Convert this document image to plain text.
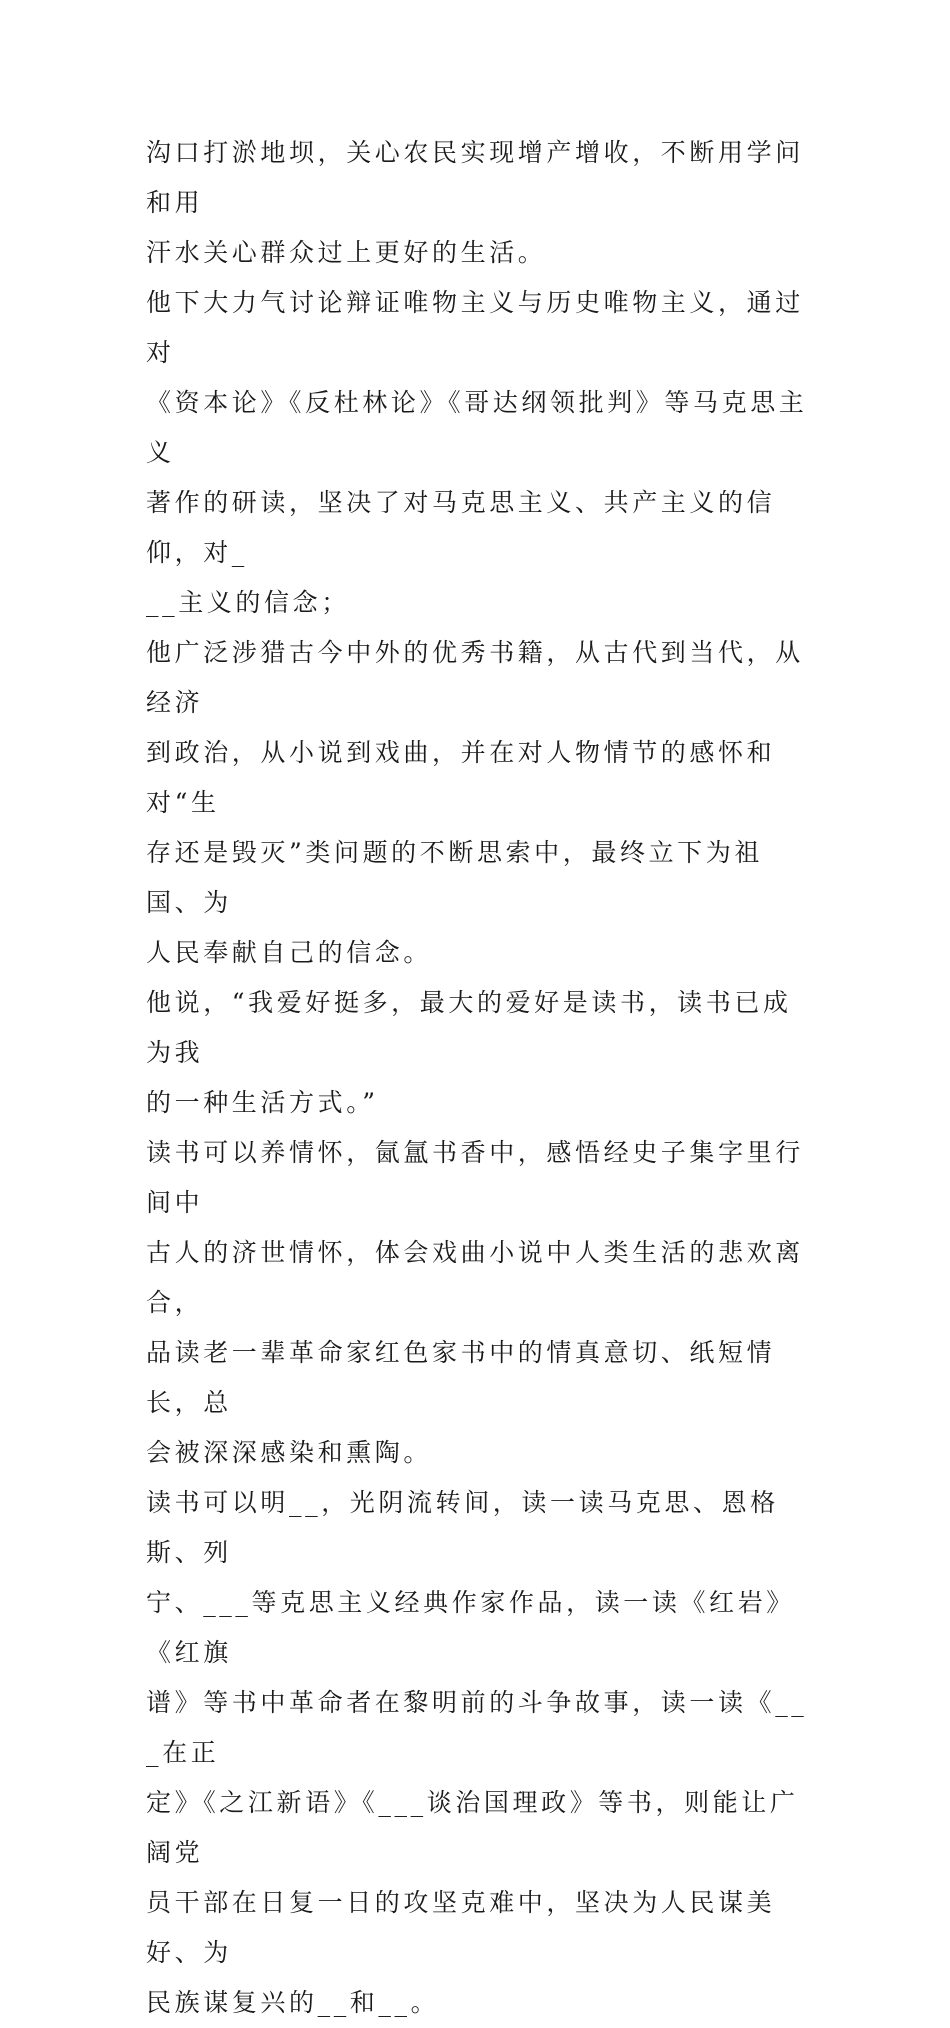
沟口打淤地坝，关心农民实现增产增收，不断用学问和用
汗水关心群众过上更好的生活。

他下大力气讨论辩证唯物主义与历史唯物主义，通过对
《资本论》《反杜林论》《哥达纲领批判》等马克思主义
著作的研读，坚决了对马克思主义、共产主义的信仰，对_
__主义的信念；

他广泛涉猎古今中外的优秀书籍，从古代到当代，从经济
到政治，从小说到戏曲，并在对人物情节的感怀和对“生
存还是毁灭”类问题的不断思索中，最终立下为祖国、为
人民奉献自己的信念。

他说，“我爱好挺多，最大的爱好是读书，读书已成为我
的一种生活方式。”

读书可以养情怀，氤氲书香中，感悟经史子集字里行间中
古人的济世情怀，体会戏曲小说中人类生活的悲欢离合，
品读老一辈革命家红色家书中的情真意切、纸短情长，总
会被深深感染和熏陶。

读书可以明__，光阴流转间，读一读马克思、恩格斯、列
宁、___等克思主义经典作家作品，读一读《红岩》《红旗
谱》等书中革命者在黎明前的斗争故事，读一读《___在正
定》《之江新语》《___谈治国理政》等书，则能让广阔党
员干部在日复一日的攻坚克难中，坚决为人民谋美好、为
民族谋复兴的__和__。
